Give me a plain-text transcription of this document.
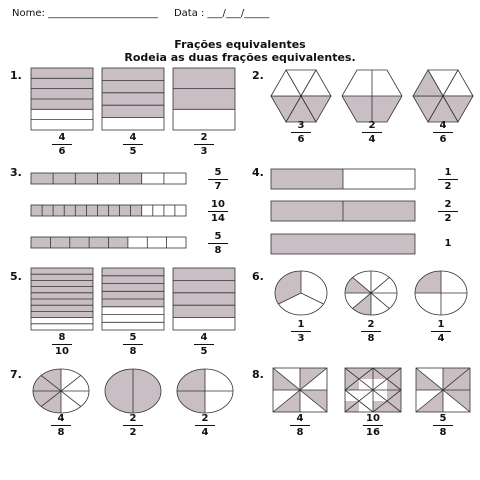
Nome: ______________________ Data : ___/___/_____
Frações equivalentes
Rodeia as duas frações equivalentes.
1.	2.
3.	4.
5.	6.
7.	8.
4
6
4
5
2
3
3
6
2
4
4
6
5
7
10
14
5
8
1
2
2
2
1
8
10
5
8
4
5
1
3
2
8
1
4
4
8
2
2
2
4
4
8
10
16
5
8
